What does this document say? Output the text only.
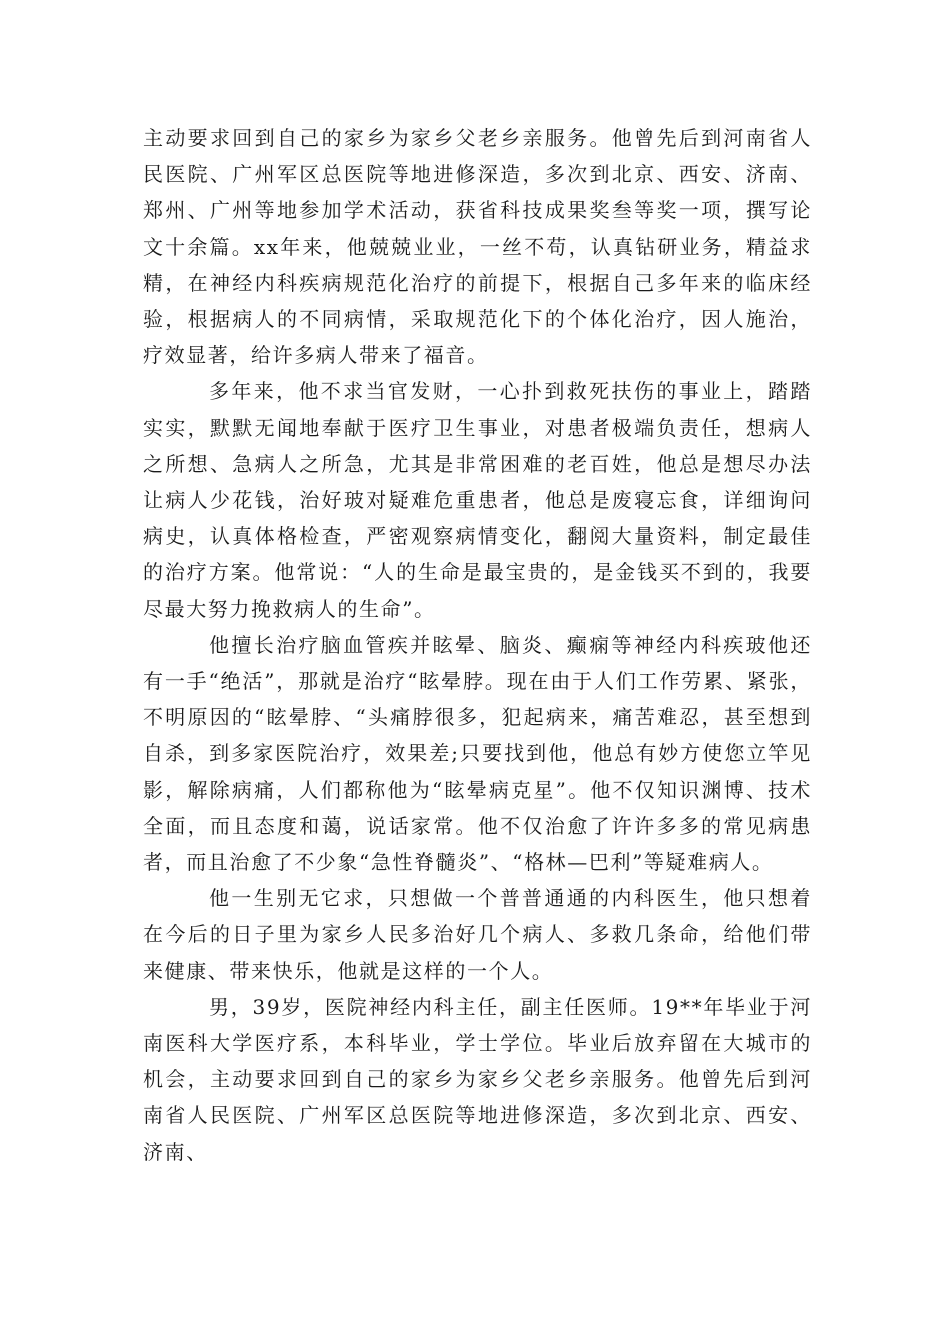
主动要求回到自己的家乡为家乡父老乡亲服务。他曾先后到河南省人民医院、广州军区总医院等地进修深造，多次到北京、西安、济南、郑州、广州等地参加学术活动，获省科技成果奖叁等奖一项，撰写论文十余篇。xx年来，他兢兢业业，一丝不苟，认真钻研业务，精益求精，在神经内科疾病规范化治疗的前提下，根据自己多年来的临床经验，根据病人的不同病情，采取规范化下的个体化治疗，因人施治，疗效显著，给许多病人带来了福音。

多年来，他不求当官发财，一心扑到救死扶伤的事业上，踏踏实实，默默无闻地奉献于医疗卫生事业，对患者极端负责任，想病人之所想、急病人之所急，尤其是非常困难的老百姓，他总是想尽办法让病人少花钱，治好玻对疑难危重患者，他总是废寝忘食，详细询问病史，认真体格检查，严密观察病情变化，翻阅大量资料，制定最佳的治疗方案。他常说：“人的生命是最宝贵的，是金钱买不到的，我要尽最大努力挽救病人的生命”。

他擅长治疗脑血管疾并眩晕、脑炎、癫痫等神经内科疾玻他还有一手“绝活”，那就是治疗“眩晕脖。现在由于人们工作劳累、紧张，不明原因的“眩晕脖、“头痛脖很多，犯起病来，痛苦难忍，甚至想到自杀，到多家医院治疗，效果差;只要找到他，他总有妙方使您立竿见影，解除病痛，人们都称他为“眩晕病克星”。他不仅知识渊博、技术全面，而且态度和蔼，说话家常。他不仅治愈了许许多多的常见病患者，而且治愈了不少象“急性脊髓炎”、“格林—巴利”等疑难病人。

他一生别无它求，只想做一个普普通通的内科医生，他只想着在今后的日子里为家乡人民多治好几个病人、多救几条命，给他们带来健康、带来快乐，他就是这样的一个人。

男，39岁，医院神经内科主任，副主任医师。19**年毕业于河南医科大学医疗系，本科毕业，学士学位。毕业后放弃留在大城市的机会，主动要求回到自己的家乡为家乡父老乡亲服务。他曾先后到河南省人民医院、广州军区总医院等地进修深造，多次到北京、西安、济南、
